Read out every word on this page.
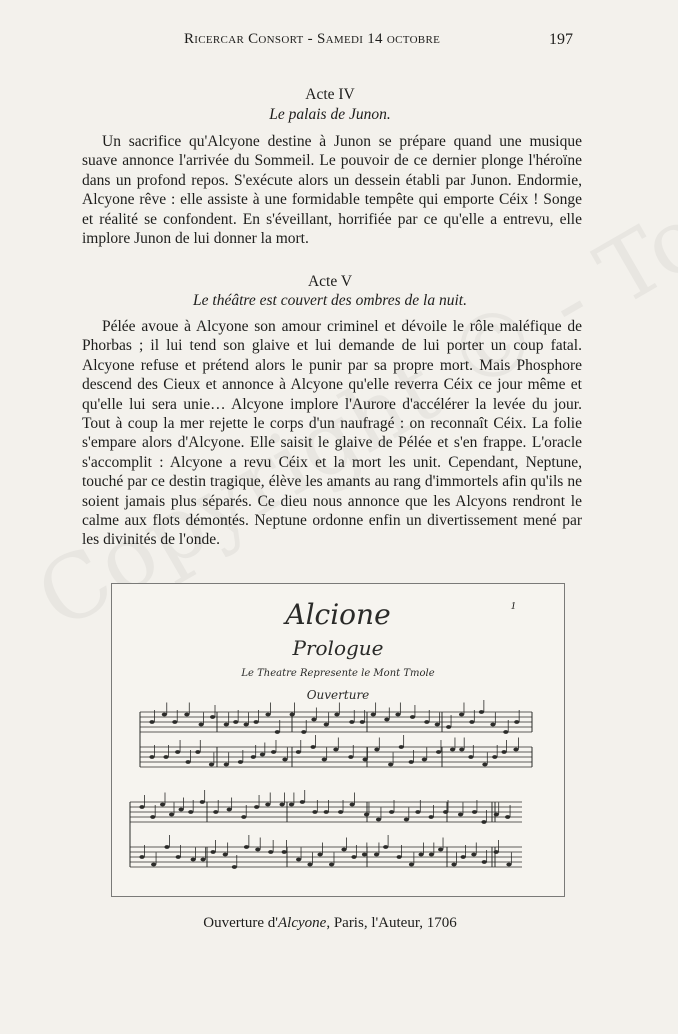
Ricercar Consort - Samedi 14 octobre	197
Acte IV
Le palais de Junon.

Un sacrifice qu'Alcyone destine à Junon se prépare quand une musique suave annonce l'arrivée du Sommeil. Le pouvoir de ce dernier plonge l'héroïne dans un profond repos. S'exécute alors un dessein établi par Junon. Endormie, Alcyone rêve : elle assiste à une formidable tempête qui emporte Céix ! Songe et réalité se confondent. En s'éveillant, horrifiée par ce qu'elle a entrevu, elle implore Junon de lui donner la mort.

Acte V
Le théâtre est couvert des ombres de la nuit.

Pélée avoue à Alcyone son amour criminel et dévoile le rôle maléfique de Phorbas ; il lui tend son glaive et lui demande de lui porter un coup fatal. Alcyone refuse et prétend alors le punir par sa propre mort. Mais Phosphore descend des Cieux et annonce à Alcyone qu'elle reverra Céix ce jour même et qu'elle lui sera unie… Alcyone implore l'Aurore d'accélérer la levée du jour. Tout à coup la mer rejette le corps d'un naufragé : on reconnaît Céix. La folie s'empare alors d'Alcyone. Elle saisit le glaive de Pélée et s'en frappe. L'oracle s'accomplit : Alcyone a revu Céix et la mort les unit. Cependant, Neptune, touché par ce destin tragique, élève les amants au rang d'immortels afin qu'ils ne soient jamais plus séparés. Ce dieu nous annonce que les Alcyons rendront le calme aux flots démontés. Neptune ordonne enfin un divertissement mené par les divinités de l'onde.

Alcione
Prologue
Le Theatre Represente le Mont Tmole
Ouverture
1
Ouverture d'Alcyone, Paris, l'Auteur, 1706
